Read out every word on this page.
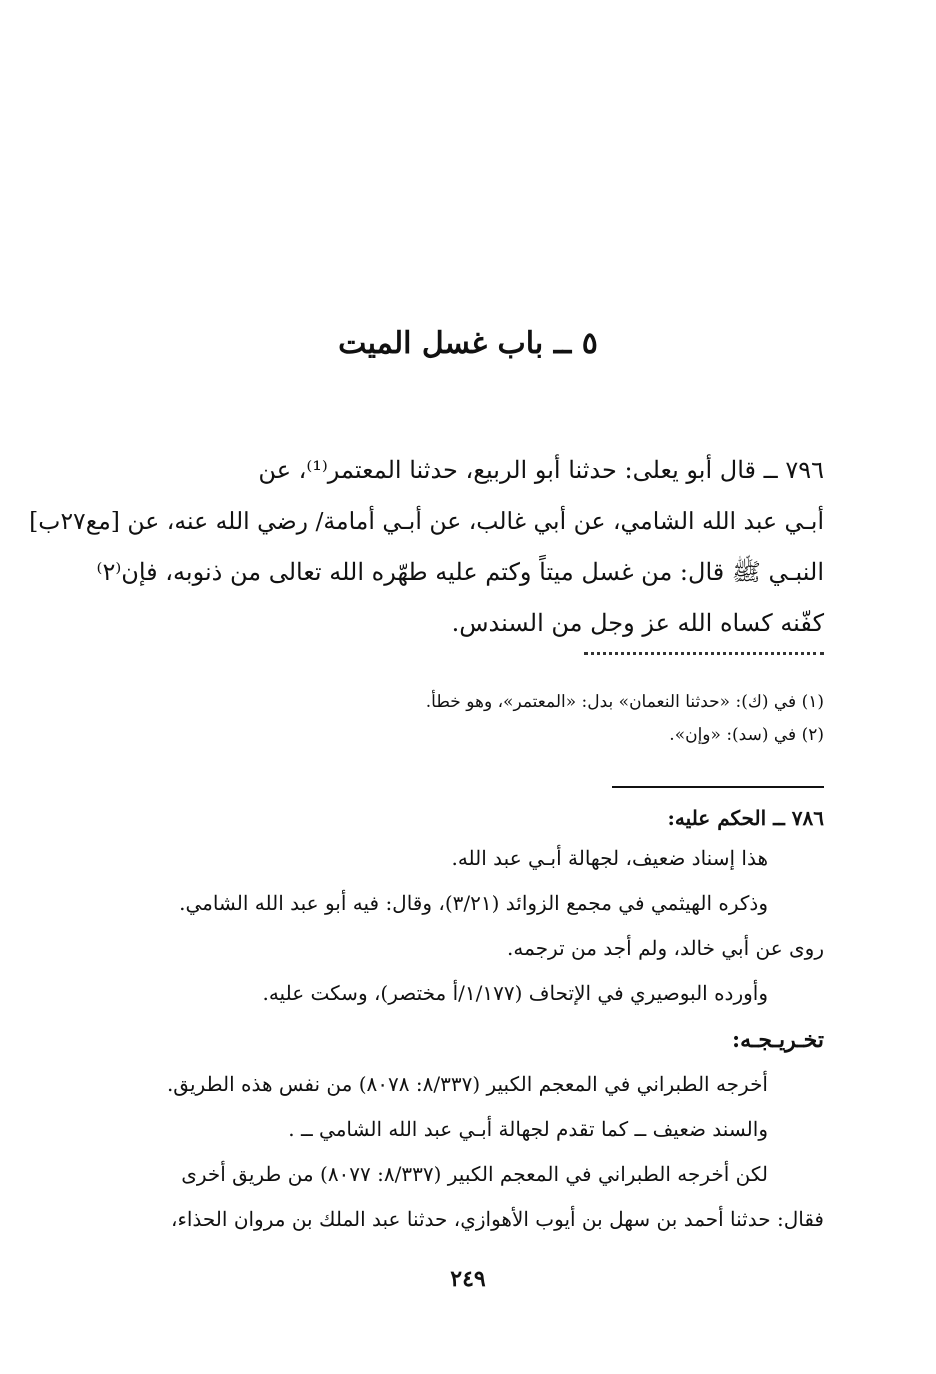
٥ ــ باب غسل الميت

٧٩٦ ــ قال أبو يعلى: حدثنا أبو الربيع، حدثنا المعتمر⁽¹⁾، عن

أبـي عبد الله الشامي، عن أبي غالب، عن أبـي أمامة/ رضي الله عنه، عن [مع٢٧ب]

النبـي ﷺ قال: من غسل ميتاً وكتم عليه طهّره الله تعالى من ذنوبه، فإن⁽٢⁾

كفّنه كساه الله عز وجل من السندس.

(١) في (ك): «حدثنا النعمان» بدل: «المعتمر»، وهو خطأ.

(٢) في (سد): «وإن».

٧٨٦ ــ الحكم عليه:

هذا إسناد ضعيف، لجهالة أبـي عبد الله.

وذكره الهيثمي في مجمع الزوائد (٣/٢١)، وقال: فيه أبو عبد الله الشامي.

روى عن أبي خالد، ولم أجد من ترجمه.

وأورده البوصيري في الإتحاف (١/١٧٧/أ مختصر)، وسكت عليه.

تخـريـجـه:

أخرجه الطبراني في المعجم الكبير (٨/٣٣٧: ٨٠٧٨) من نفس هذه الطريق.

والسند ضعيف ــ كما تقدم لجهالة أبـي عبد الله الشامي ــ .

لكن أخرجه الطبراني في المعجم الكبير (٨/٣٣٧: ٨٠٧٧) من طريق أخرى

فقال: حدثنا أحمد بن سهل بن أيوب الأهوازي، حدثنا عبد الملك بن مروان الحذاء،

٢٤٩
